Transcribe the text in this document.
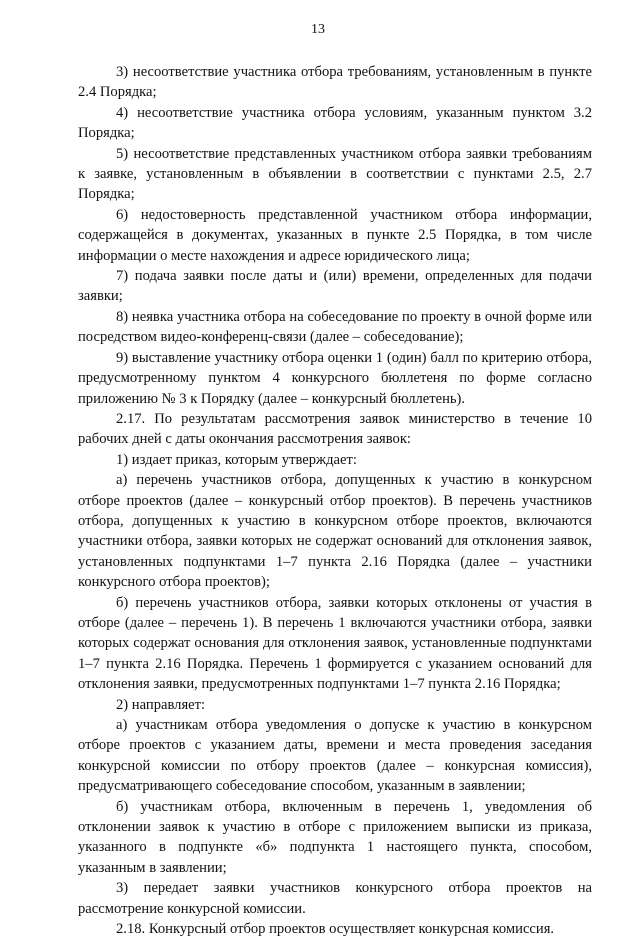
13

3) несоответствие участника отбора требованиям, установленным в пункте 2.4 Порядка;

4) несоответствие участника отбора условиям, указанным пунктом 3.2 Порядка;

5) несоответствие представленных участником отбора заявки требованиям к заявке, установленным в объявлении в соответствии с пунктами 2.5, 2.7 Порядка;

6) недостоверность представленной участником отбора информации, содержащейся в документах, указанных в пункте 2.5 Порядка, в том числе информации о месте нахождения и адресе юридического лица;

7) подача заявки после даты и (или) времени, определенных для подачи заявки;

8) неявка участника отбора на собеседование по проекту в очной форме или посредством видео-конференц-связи (далее – собеседование);

9) выставление участнику отбора оценки 1 (один) балл по критерию отбора, предусмотренному пунктом 4 конкурсного бюллетеня по форме согласно приложению № 3 к Порядку (далее – конкурсный бюллетень).

2.17. По результатам рассмотрения заявок министерство в течение 10 рабочих дней с даты окончания рассмотрения заявок:

1) издает приказ, которым утверждает:

а) перечень участников отбора, допущенных к участию в конкурсном отборе проектов (далее – конкурсный отбор проектов). В перечень участников отбора, допущенных к участию в конкурсном отборе проектов, включаются участники отбора, заявки которых не содержат оснований для отклонения заявок, установленных подпунктами 1–7 пункта 2.16 Порядка (далее – участники конкурсного отбора проектов);

б) перечень участников отбора, заявки которых отклонены от участия в отборе (далее – перечень 1). В перечень 1 включаются участники отбора, заявки которых содержат основания для отклонения заявок, установленные подпунктами 1–7 пункта 2.16 Порядка. Перечень 1 формируется с указанием оснований для отклонения заявки, предусмотренных подпунктами 1–7 пункта 2.16 Порядка;

2) направляет:

а) участникам отбора уведомления о допуске к участию в конкурсном отборе проектов с указанием даты, времени и места проведения заседания конкурсной комиссии по отбору проектов (далее – конкурсная комиссия), предусматривающего собеседование способом, указанным в заявлении;

б) участникам отбора, включенным в перечень 1, уведомления об отклонении заявок к участию в отборе с приложением выписки из приказа, указанного в подпункте «б» подпункта 1 настоящего пункта, способом, указанным в заявлении;

3) передает заявки участников конкурсного отбора проектов на рассмотрение конкурсной комиссии.

2.18. Конкурсный отбор проектов осуществляет конкурсная комиссия.
